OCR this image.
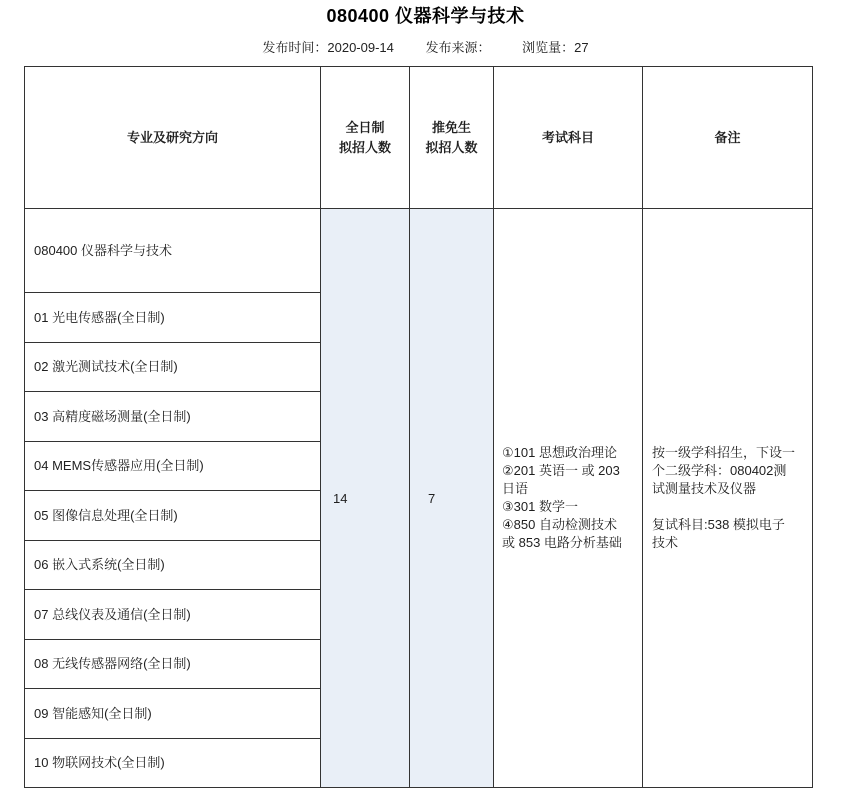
080400 仪器科学与技术
发布时间：2020-09-14 发布来源： 浏览量：27
专业及研究方向
全日制
拟招人数
推免生
拟招人数
考试科目	备注
14	7
①101 思想政治理论
②201 英语一 或 203
日语
③301 数学一
④850 自动检测技术
或 853 电路分析基础
按一级学科招生，下设一
个二级学科：080402测
试测量技术及仪器
复试科目:538 模拟电子
技术
080400 仪器科学与技术
01 光电传感器(全日制)
02 激光测试技术(全日制)
03 高精度磁场测量(全日制)
04 MEMS传感器应用(全日制)
05 图像信息处理(全日制)
06 嵌入式系统(全日制)
07 总线仪表及通信(全日制)
08 无线传感器网络(全日制)
09 智能感知(全日制)
10 物联网技术(全日制)
